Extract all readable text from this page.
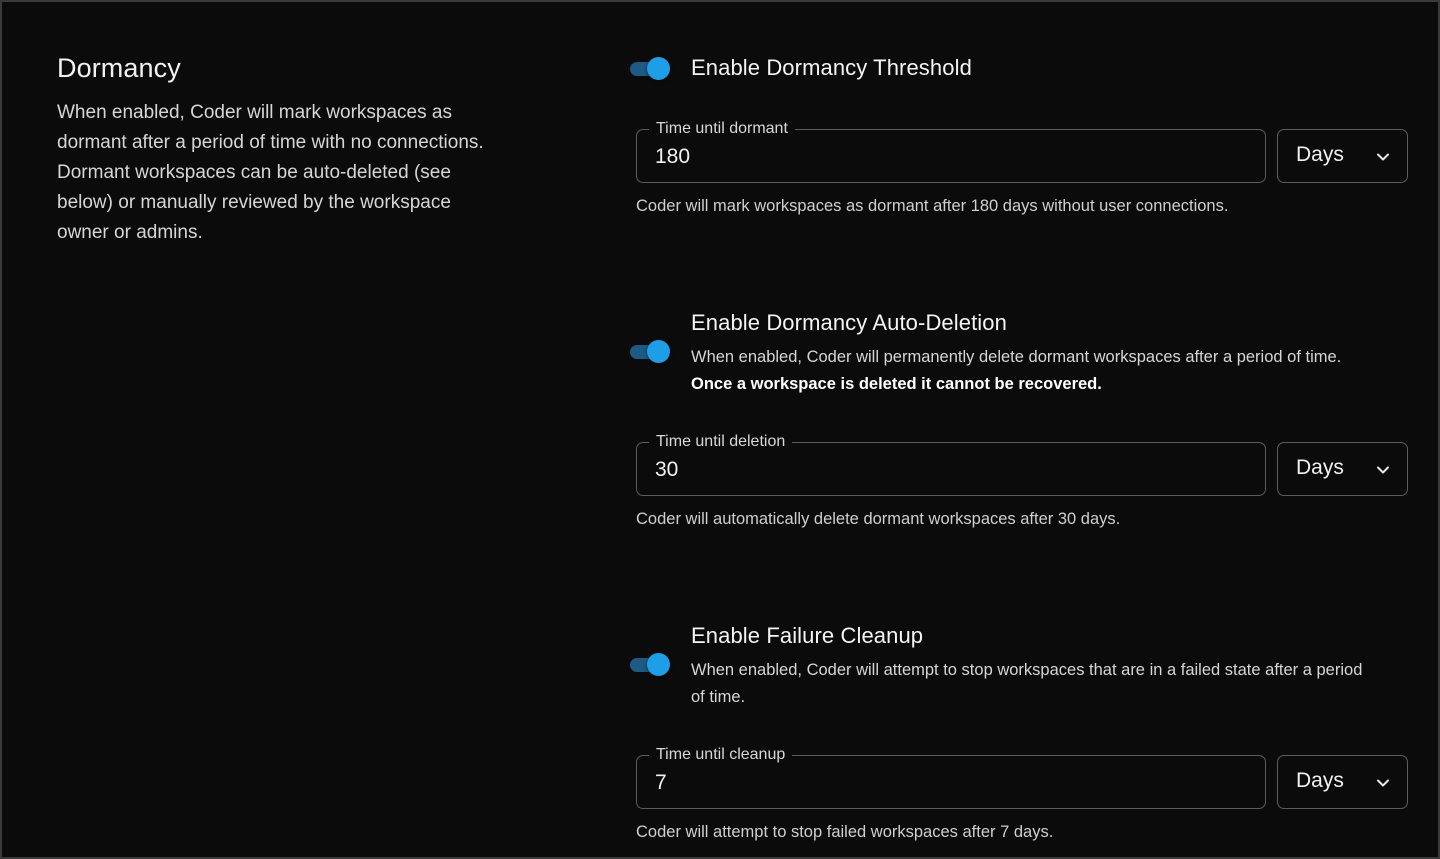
Dormancy

When enabled, Coder will mark workspaces as dormant after a period of time with no connections. Dormant workspaces can be auto-deleted (see below) or manually reviewed by the workspace owner or admins.

Enable Dormancy Threshold
Time until dormant
180
Days
Coder will mark workspaces as dormant after 180 days without user connections.
Enable Dormancy Auto-Deletion
When enabled, Coder will permanently delete dormant workspaces after a period of time.
Once a workspace is deleted it cannot be recovered.
Time until deletion
30
Days
Coder will automatically delete dormant workspaces after 30 days.
Enable Failure Cleanup
When enabled, Coder will attempt to stop workspaces that are in a failed state after a period of time.
Time until cleanup
7
Days
Coder will attempt to stop failed workspaces after 7 days.
